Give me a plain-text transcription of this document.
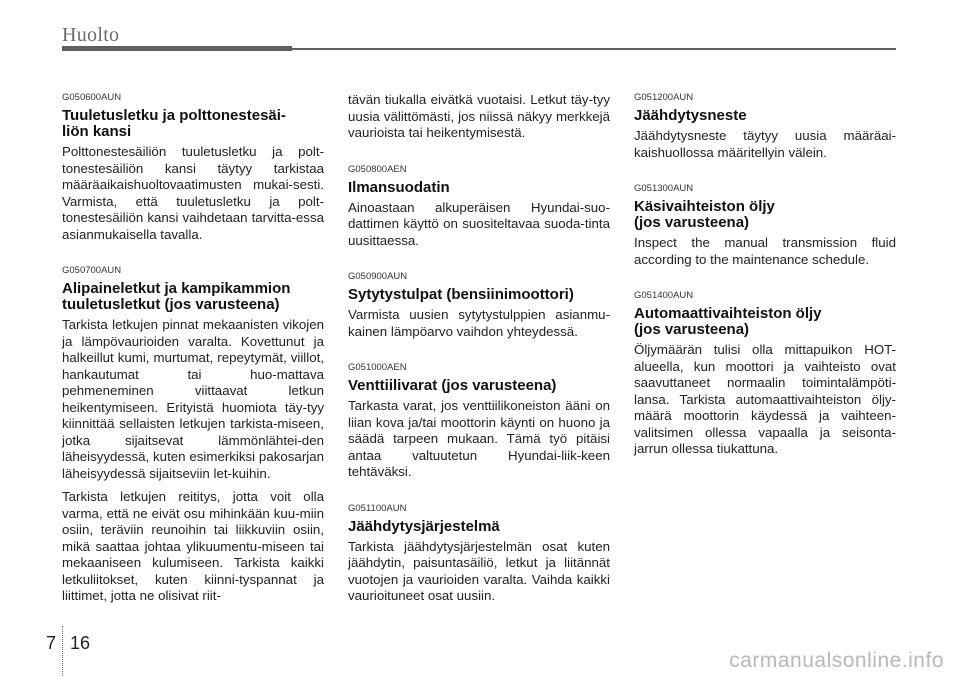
Huolto
G050600AUN
Tuuletusletku ja polttonestesäi-
liön kansi

Polttonestesäiliön tuuletusletku ja polt-tonestesäiliön kansi täytyy tarkistaa määräaikaishuoltovaatimusten mukai-sesti. Varmista, että tuuletusletku ja polt-tonestesäiliön kansi vaihdetaan tarvitta-essa asianmukaisella tavalla.

G050700AUN
Alipaineletkut ja kampikammion
tuuletusletkut (jos varusteena)

Tarkista letkujen pinnat mekaanisten vikojen ja lämpövaurioiden varalta. Kovettunut ja halkeillut kumi, murtumat, repeytymät, viillot, hankautumat tai huo-mattava pehmeneminen viittaavat letkun heikentymiseen. Erityistä huomiota täy-tyy kiinnittää sellaisten letkujen tarkista-miseen, jotka sijaitsevat lämmönlähtei-den läheisyydessä, kuten esimerkiksi pakosarjan läheisyydessä sijaitseviin let-kuihin.

Tarkista letkujen reititys, jotta voit olla varma, että ne eivät osu mihinkään kuu-miin osiin, teräviin reunoihin tai liikkuviin osiin, mikä saattaa johtaa ylikuumentu-miseen tai mekaaniseen kulumiseen. Tarkista kaikki letkuliitokset, kuten kiinni-tyspannat ja liittimet, jotta ne olisivat riit-

tävän tiukalla eivätkä vuotaisi. Letkut täy-tyy uusia välittömästi, jos niissä näkyy merkkejä vaurioista tai heikentymisestä.

G050800AEN
Ilmansuodatin

Ainoastaan alkuperäisen Hyundai-suo-dattimen käyttö on suositeltavaa suoda-tinta uusittaessa.

G050900AUN
Sytytystulpat (bensiinimoottori)

Varmista uusien sytytystulppien asianmu-kainen lämpöarvo vaihdon yhteydessä.

G051000AEN
Venttiilivarat (jos varusteena)

Tarkasta varat, jos venttiilikoneiston ääni on liian kova ja/tai moottorin käynti on huono ja säädä tarpeen mukaan. Tämä työ pitäisi antaa valtuutetun Hyundai-liik-keen tehtäväksi.

G051100AUN
Jäähdytysjärjestelmä

Tarkista jäähdytysjärjestelmän osat kuten jäähdytin, paisuntasäiliö, letkut ja liitännät vuotojen ja vaurioiden varalta. Vaihda kaikki vaurioituneet osat uusiin.

G051200AUN
Jäähdytysneste

Jäähdytysneste täytyy uusia määräai-kaishuollossa määritellyin välein.

G051300AUN
Käsivaihteiston öljy
(jos varusteena)

Inspect the manual transmission fluid according to the maintenance schedule.

G051400AUN
Automaattivaihteiston öljy
(jos varusteena)

Öljymäärän tulisi olla mittapuikon HOT-alueella, kun moottori ja vaihteisto ovat saavuttaneet normaalin toimintalämpöti-lansa. Tarkista automaattivaihteiston öljy-määrä moottorin käydessä ja vaihteen-valitsimen ollessa vapaalla ja seisonta-jarrun ollessa tiukattuna.

7 16
carmanualsonline.info
